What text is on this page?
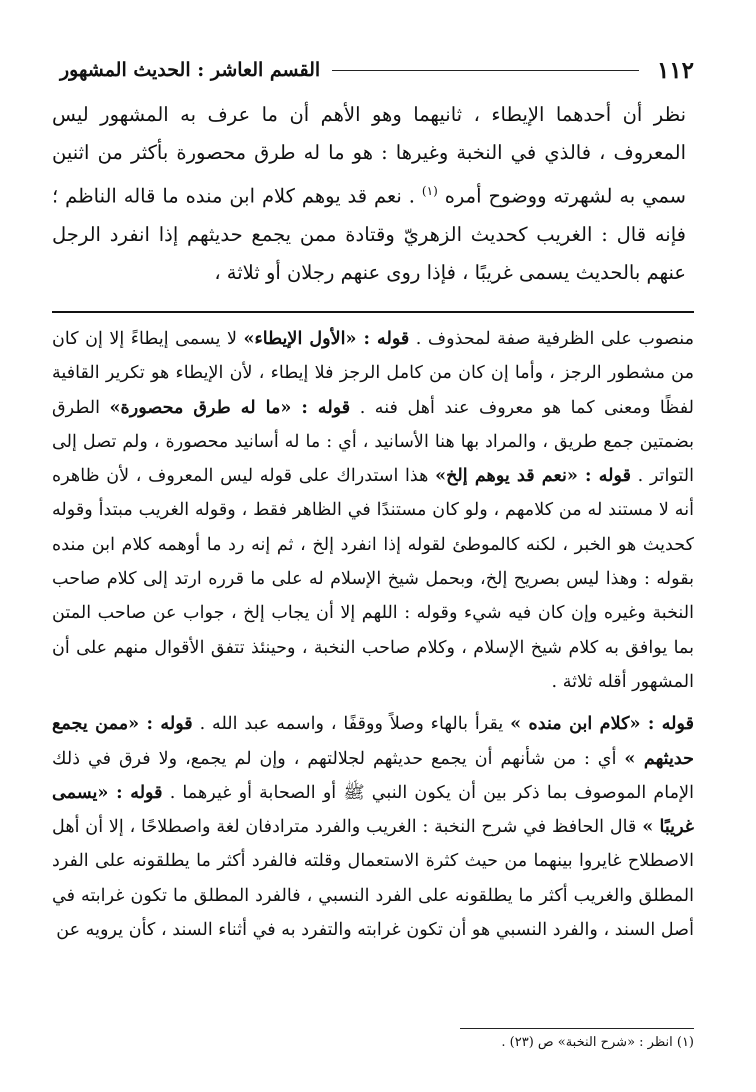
١١٢
القسم العاشر : الحديث المشهور

نظر أن أحدهما الإيطاء ، ثانيهما وهو الأهم أن ما عرف به المشهور ليس المعروف ، فالذي في النخبة وغيرها : هو ما له طرق محصورة بأكثر من اثنين سمي به لشهرته ووضوح أمره $^{(١)}$ . نعم قد يوهم كلام ابن منده ما قاله الناظم ؛ فإنه قال : الغريب كحديث الزهريّ وقتادة ممن يجمع حديثهم إذا انفرد الرجل عنهم بالحديث يسمى غريبًا ، فإذا روى عنهم رجلان أو ثلاثة ،

منصوب على الظرفية صفة لمحذوف . قوله : «الأول الإيطاء» لا يسمى إيطاءً إلا إن كان من مشطور الرجز ، وأما إن كان من كامل الرجز فلا إيطاء ، لأن الإيطاء هو تكرير القافية لفظًا ومعنى كما هو معروف عند أهل فنه . قوله : «ما له طرق محصورة» الطرق بضمتين جمع طريق ، والمراد بها هنا الأسانيد ، أي : ما له أسانيد محصورة ، ولم تصل إلى التواتر . قوله : «نعم قد يوهم إلخ» هذا استدراك على قوله ليس المعروف ، لأن ظاهره أنه لا مستند له من كلامهم ، ولو كان مستندًا في الظاهر فقط ، وقوله الغريب مبتدأ وقوله كحديث هو الخبر ، لكنه كالموطئ لقوله إذا انفرد إلخ ، ثم إنه رد ما أوهمه كلام ابن منده بقوله : وهذا ليس بصريح إلخ، وبحمل شيخ الإسلام له على ما قرره ارتد إلى كلام صاحب النخبة وغيره وإن كان فيه شيء وقوله : اللهم إلا أن يجاب إلخ ، جواب عن صاحب المتن بما يوافق به كلام شيخ الإسلام ، وكلام صاحب النخبة ، وحينئذ تتفق الأقوال منهم على أن المشهور أقله ثلاثة .

قوله : «كلام ابن منده » يقرأ بالهاء وصلاً ووقفًا ، واسمه عبد الله . قوله : «ممن يجمع حديثهم » أي : من شأنهم أن يجمع حديثهم لجلالتهم ، وإن لم يجمع، ولا فرق في ذلك الإمام الموصوف بما ذكر بين أن يكون النبي ﷺ أو الصحابة أو غيرهما . قوله : «يسمى غريبًا » قال الحافظ في شرح النخبة : الغريب والفرد مترادفان لغة واصطلاحًا ، إلا أن أهل الاصطلاح غايروا بينهما من حيث كثرة الاستعمال وقلته فالفرد أكثر ما يطلقونه على الفرد المطلق والغريب أكثر ما يطلقونه على الفرد النسبي ، فالفرد المطلق ما تكون غرابته في أصل السند ، والفرد النسبي هو أن تكون غرابته والتفرد به في أثناء السند ، كأن يرويه عن

(١) انظر : «شرح النخبة» ص (٢٣) .
